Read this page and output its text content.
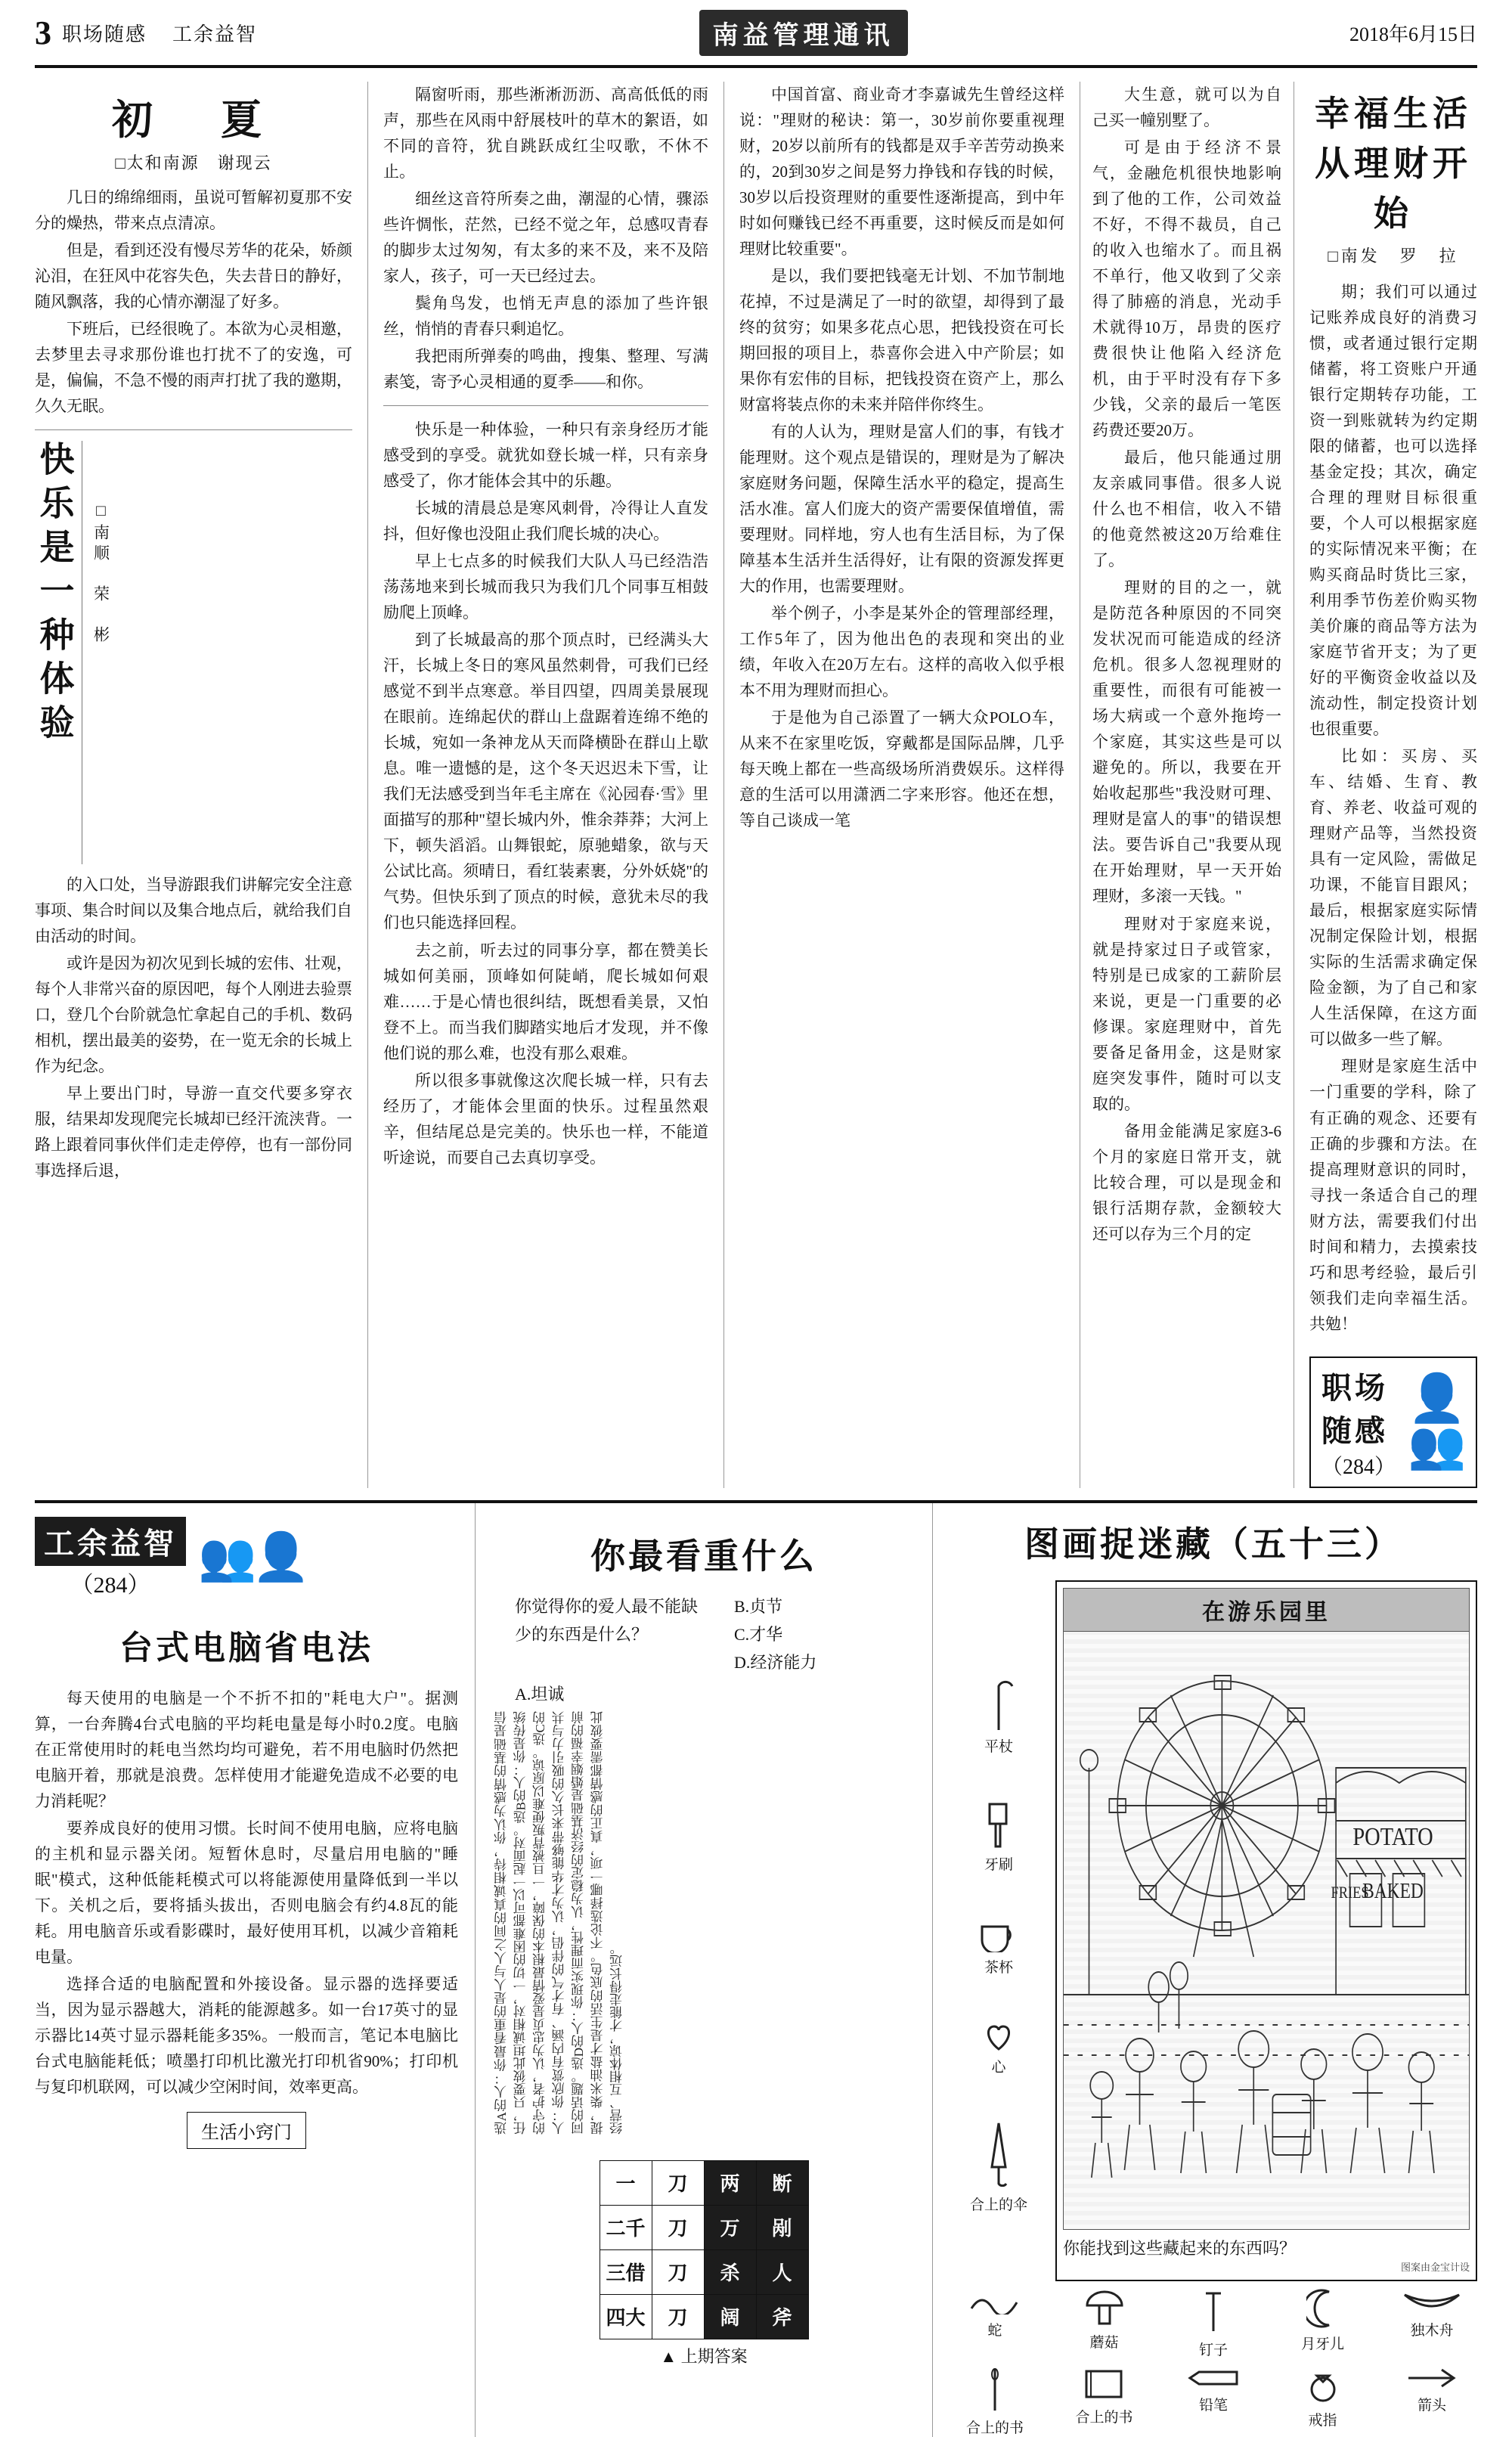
3 职场随感 工余益智	南益管理通讯	2018年6月15日
初　夏
□太和南源　谢现云

几日的绵绵细雨，虽说可暂解初夏那不安分的燥热，带来点点清凉。

但是，看到还没有慢尽芳华的花朵，娇颜沁泪，在狂风中花容失色，失去昔日的静好，随风飘落，我的心情亦潮湿了好多。

下班后，已经很晚了。本欲为心灵相邀，去梦里去寻求那份谁也打扰不了的安逸，可是，偏偏，不急不慢的雨声打扰了我的邀期，久久无眠。

快乐是一种体验 □南顺　荣　彬

的入口处，当导游跟我们讲解完安全注意事项、集合时间以及集合地点后，就给我们自由活动的时间。

或许是因为初次见到长城的宏伟、壮观，每个人非常兴奋的原因吧，每个人刚进去验票口，登几个台阶就急忙拿起自己的手机、数码相机，摆出最美的姿势，在一览无余的长城上作为纪念。

早上要出门时，导游一直交代要多穿衣服，结果却发现爬完长城却已经汗流浃背。一路上跟着同事伙伴们走走停停，也有一部份同事选择后退，

隔窗听雨，那些淅淅沥沥、高高低低的雨声，那些在风雨中舒展枝叶的草木的絮语，如不同的音符，犹自跳跃成红尘叹歌，不休不止。

细丝这音符所奏之曲，潮湿的心情，骤添些许惆怅，茫然，已经不觉之年，总感叹青春的脚步太过匆匆，有太多的来不及，来不及陪家人，孩子，可一天已经过去。

鬓角鸟发，也悄无声息的添加了些许银丝，悄悄的青春只剩追忆。

我把雨所弹奏的鸣曲，搜集、整理、写满素笺，寄予心灵相通的夏季——和你。

快乐是一种体验，一种只有亲身经历才能感受到的享受。就犹如登长城一样，只有亲身感受了，你才能体会其中的乐趣。

长城的清晨总是寒风刺骨，冷得让人直发抖，但好像也没阻止我们爬长城的决心。

早上七点多的时候我们大队人马已经浩浩荡荡地来到长城而我只为我们几个同事互相鼓励爬上顶峰。

到了长城最高的那个顶点时，已经满头大汗，长城上冬日的寒风虽然刺骨，可我们已经感觉不到半点寒意。举目四望，四周美景展现在眼前。连绵起伏的群山上盘踞着连绵不绝的长城，宛如一条神龙从天而降横卧在群山上歇息。唯一遗憾的是，这个冬天迟迟未下雪，让我们无法感受到当年毛主席在《沁园春·雪》里面描写的那种"望长城内外，惟余莽莽；大河上下，顿失滔滔。山舞银蛇，原驰蜡象，欲与天公试比高。须晴日，看红装素裹，分外妖娆"的气势。但快乐到了顶点的时候，意犹未尽的我们也只能选择回程。

去之前，听去过的同事分享，都在赞美长城如何美丽，顶峰如何陡峭，爬长城如何艰难……于是心情也很纠结，既想看美景，又怕登不上。而当我们脚踏实地后才发现，并不像他们说的那么难，也没有那么艰难。

所以很多事就像这次爬长城一样，只有去经历了，才能体会里面的快乐。过程虽然艰辛，但结尾总是完美的。快乐也一样，不能道听途说，而要自己去真切享受。

中国首富、商业奇才李嘉诚先生曾经这样说："理财的秘诀：第一，30岁前你要重视理财，20岁以前所有的钱都是双手辛苦劳动换来的，20到30岁之间是努力挣钱和存钱的时候，30岁以后投资理财的重要性逐渐提高，到中年时如何赚钱已经不再重要，这时候反而是如何理财比较重要"。

是以，我们要把钱毫无计划、不加节制地花掉，不过是满足了一时的欲望，却得到了最终的贫穷；如果多花点心思，把钱投资在可长期回报的项目上，恭喜你会进入中产阶层；如果你有宏伟的目标，把钱投资在资产上，那么财富将装点你的未来并陪伴你终生。

有的人认为，理财是富人们的事，有钱才能理财。这个观点是错误的，理财是为了解决家庭财务问题，保障生活水平的稳定，提高生活水准。富人们庞大的资产需要保值增值，需要理财。同样地，穷人也有生活目标，为了保障基本生活并生活得好，让有限的资源发挥更大的作用，也需要理财。

举个例子，小李是某外企的管理部经理，工作5年了，因为他出色的表现和突出的业绩，年收入在20万左右。这样的高收入似乎根本不用为理财而担心。

于是他为自己添置了一辆大众POLO车，从来不在家里吃饭，穿戴都是国际品牌，几乎每天晚上都在一些高级场所消费娱乐。这样得意的生活可以用潇洒二字来形容。他还在想，等自己谈成一笔

大生意，就可以为自己买一幢别墅了。

可是由于经济不景气，金融危机很快地影响到了他的工作，公司效益不好，不得不裁员，自己的收入也缩水了。而且祸不单行，他又收到了父亲得了肺癌的消息，光动手术就得10万，昂贵的医疗费很快让他陷入经济危机，由于平时没有存下多少钱，父亲的最后一笔医药费还要20万。

最后，他只能通过朋友亲戚同事借。很多人说什么也不相信，收入不错的他竟然被这20万给难住了。

理财的目的之一，就是防范各种原因的不同突发状况而可能造成的经济危机。很多人忽视理财的重要性，而很有可能被一场大病或一个意外拖垮一个家庭，其实这些是可以避免的。所以，我要在开始收起那些"我没财可理、理财是富人的事"的错误想法。要告诉自己"我要从现在开始理财，早一天开始理财，多滚一天钱。"

理财对于家庭来说，就是持家过日子或管家，特别是已成家的工薪阶层来说，更是一门重要的必修课。家庭理财中，首先要备足备用金，这是财家庭突发事件，随时可以支取的。

备用金能满足家庭3-6个月的家庭日常开支，就比较合理，可以是现金和银行活期存款，金额较大还可以存为三个月的定

幸福生活从理财开始
□南发　罗　拉

期；我们可以通过记账养成良好的消费习惯，或者通过银行定期储蓄，将工资账户开通银行定期转存功能，工资一到账就转为约定期限的储蓄，也可以选择基金定投；其次，确定合理的理财目标很重要，个人可以根据家庭的实际情况来平衡；在购买商品时货比三家，利用季节伤差价购买物美价廉的商品等方法为家庭节省开支；为了更好的平衡资金收益以及流动性，制定投资计划也很重要。

比如：买房、买车、结婚、生育、教育、养老、收益可观的理财产品等，当然投资具有一定风险，需做足功课，不能盲目跟风；最后，根据家庭实际情况制定保险计划，根据实际的生活需求确定保险金额，为了自己和家人生活保障，在这方面可以做多一些了解。

理财是家庭生活中一门重要的学科，除了有正确的观念、还要有正确的步骤和方法。在提高理财意识的同时，寻找一条适合自己的理财方法，需要我们付出时间和精力，去摸索技巧和思考经验，最后引领我们走向幸福生活。共勉！

职场随感
（284）
👤👥
工余益智
（284）
👥👤
台式电脑省电法

每天使用的电脑是一个不折不扣的"耗电大户"。据测算，一台奔腾4台式电脑的平均耗电量是每小时0.2度。电脑在正常使用时的耗电当然均均可避免，若不用电脑时仍然把电脑开着，那就是浪费。怎样使用才能避免造成不必要的电力消耗呢？

要养成良好的使用习惯。长时间不使用电脑，应将电脑的主机和显示器关闭。短暂休息时，尽量启用电脑的"睡眠"模式，这种低能耗模式可以将能源使用量降低到一半以下。关机之后，要将插头拔出，否则电脑会有约4.8瓦的能耗。用电脑音乐或看影碟时，最好使用耳机，以减少音箱耗电量。

选择合适的电脑配置和外接设备。显示器的选择要适当，因为显示器越大，消耗的能源越多。如一台17英寸的显示器比14英寸显示器耗能多35%。一般而言，笔记本电脑比台式电脑能耗低；喷墨打印机比激光打印机省90%；打印机与复印机联网，可以减少空闲时间，效率更高。

生活小窍门
你最看重什么
你觉得你的爱人最不能缺少的东西是什么？
B.贞节
C.才华
D.经济能力
A.坦诚
选A的人：你最看重的是人与人之间的真诚相待，你认为感情的基础是信任，只要彼此坦诚相对，一切的困难都可以一起面对。选B的人：你是传统的守护者，认为忠贞是爱情最根本的保障，一旦被背叛便难以原谅。选C的人：你欣赏有内涵、有才气的伴侣，认为才华能够带来长久的吸引力与共同的话题。选D的人：你现实而理性，认为稳定的经济基础是婚姻幸福的前提，柴米油盐才是生活的底色。不论选择哪一项，真正的感情都需要彼此经营、互相体谅，才能走得长远。
一	刀	两	断
二千	刀	万	剐
三借	刀	杀	人
四大	刀	阔	斧
▲ 上期答案
图画捉迷藏（五十三）
平杖
牙刷
茶杯
心
合上的伞
在游乐园里
POTATO
BAKED
FRIES
你能找到这些藏起来的东西吗？
图案由金宝计设
蛇
蘑菇	钉子	月牙儿
独木舟
合上的书
合上的书
铅笔
戒指
箭头
